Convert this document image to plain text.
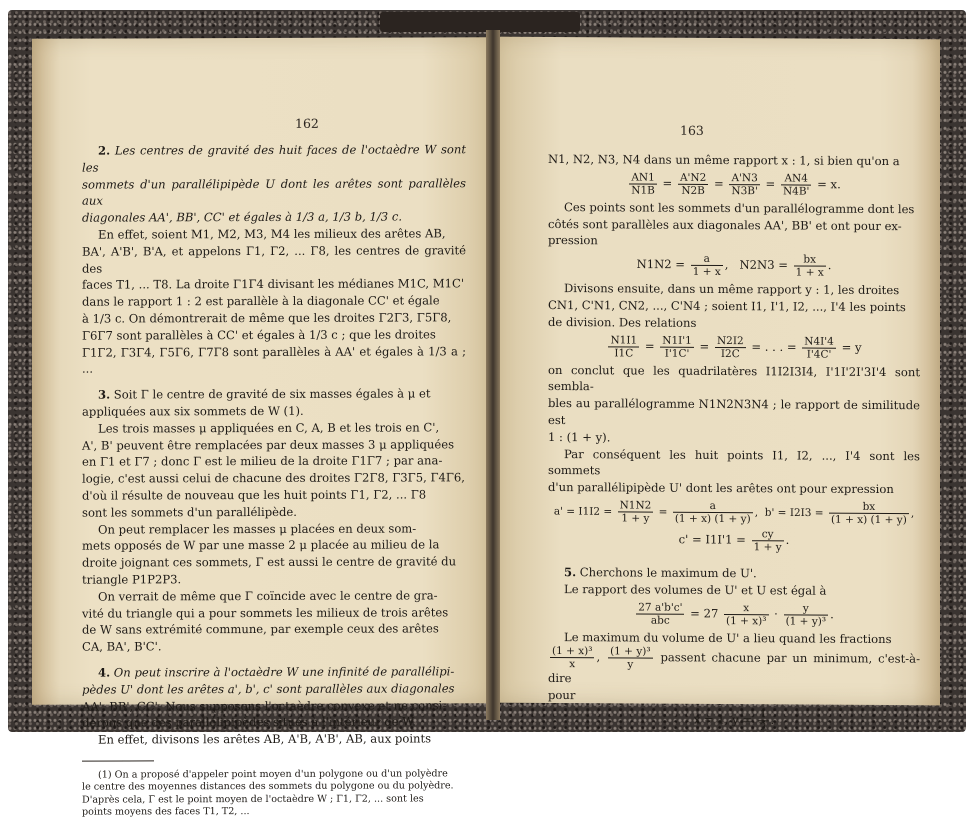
162

2. Les centres de gravité des huit faces de l'octaèdre W sont les

sommets d'un parallélipipède U dont les arêtes sont parallèles aux

diagonales AA', BB', CC' et égales à 1/3 a, 1/3 b, 1/3 c.

En effet, soient M1, M2, M3, M4 les milieux des arêtes AB,

BA', A'B', B'A, et appelons Γ1, Γ2, ... Γ8, les centres de gravité des

faces T1, ... T8. La droite Γ1Γ4 divisant les médianes M1C, M1C'

dans le rapport 1 : 2 est parallèle à la diagonale CC' et égale

à 1/3 c. On démontrerait de même que les droites Γ2Γ3, Γ5Γ8,

Γ6Γ7 sont parallèles à CC' et égales à 1/3 c ; que les droites

Γ1Γ2, Γ3Γ4, Γ5Γ6, Γ7Γ8 sont parallèles à AA' et égales à 1/3 a ; ...

3. Soit Γ le centre de gravité de six masses égales à μ et

appliquées aux six sommets de W (1).

Les trois masses μ appliquées en C, A, B et les trois en C',

A', B' peuvent être remplacées par deux masses 3 μ appliquées

en Γ1 et Γ7 ; donc Γ est le milieu de la droite Γ1Γ7 ; par ana-

logie, c'est aussi celui de chacune des droites Γ2Γ8, Γ3Γ5, Γ4Γ6,

d'où il résulte de nouveau que les huit points Γ1, Γ2, ... Γ8

sont les sommets d'un parallélipède.

On peut remplacer les masses μ placées en deux som-

mets opposés de W par une masse 2 μ placée au milieu de la

droite joignant ces sommets, Γ est aussi le centre de gravité du

triangle P1P2P3.

On verrait de même que Γ coïncide avec le centre de gra-

vité du triangle qui a pour sommets les milieux de trois arêtes

de W sans extrémité commune, par exemple ceux des arêtes

CA, BA', B'C'.

4. On peut inscrire à l'octaèdre W une infinité de parallélipi-

pèdes U' dont les arêtes a', b', c' sont parallèles aux diagonales

AA', BB', CC'. Nous supposons l'octaèdre convexe et ne consi-

dérons que des parallélipipèdes situés à l'intérieur de W.

En effet, divisons les arêtes AB, A'B, A'B', AB, aux points

(1) On a proposé d'appeler point moyen d'un polygone ou d'un polyèdre

le centre des moyennes distances des sommets du polygone ou du polyèdre.

D'après cela, Γ est le point moyen de l'octaèdre W ; Γ1, Γ2, ... sont les

points moyens des faces T1, T2, ...

163

N1, N2, N3, N4 dans un même rapport x : 1, si bien qu'on a

$\frac{AN1}{N1B} = \frac{A'N2}{N2B} = \frac{A'N3}{N3B'} = \frac{AN4}{N4B'} = x$.

Ces points sont les sommets d'un parallélogramme dont les

côtés sont parallèles aux diagonales AA', BB' et ont pour ex-

pression

$N1N2 = \frac{a}{1 + x}$ ,   $N2N3 = \frac{bx}{1 + x}$ .

Divisons ensuite, dans un même rapport y : 1, les droites

CN1, C'N1, CN2, ..., C'N4 ; soient I1, I'1, I2, ..., I'4 les points

de division. Des relations

$\frac{N1I1}{I1C} = \frac{N1I'1}{I'1C'} = \frac{N2I2}{I2C}$ = . . . = $\frac{N4I'4}{I'4C'} = y$

on conclut que les quadrilatères I1I2I3I4, I'1I'2I'3I'4 sont sembla-

bles au parallélogramme N1N2N3N4 ; le rapport de similitude est

1 : (1 + y).

Par conséquent les huit points I1, I2, ..., I'4 sont les sommets

d'un parallélipipède U' dont les arêtes ont pour expression

$a' = I1I2 = \frac{N1N2}{1 + y} = \frac{a}{(1 + x) (1 + y)}$ ,  $b' = I2I3 = \frac{bx}{(1 + x) (1 + y)}$ ,
$c' = I1I'1 = \frac{cy}{1 + y}$ .

5. Cherchons le maximum de U'.

Le rapport des volumes de U' et U est égal à

$\frac{27 a'b'c'}{\text{abc}} = 27 \frac{x}{\text{(1 + x)³}} \cdot \frac{y}{\text{(1 + y)³}}$ .

Le maximum du volume de U' a lieu quand les fractions

$\frac{\text{(1 + x)³}}{x}$ , $\frac{\text{(1 + y)³}}{y}$ passent chacune par un minimum, c'est-à-dire

pour

x = 1, $y = \frac{1}{2}$ .
